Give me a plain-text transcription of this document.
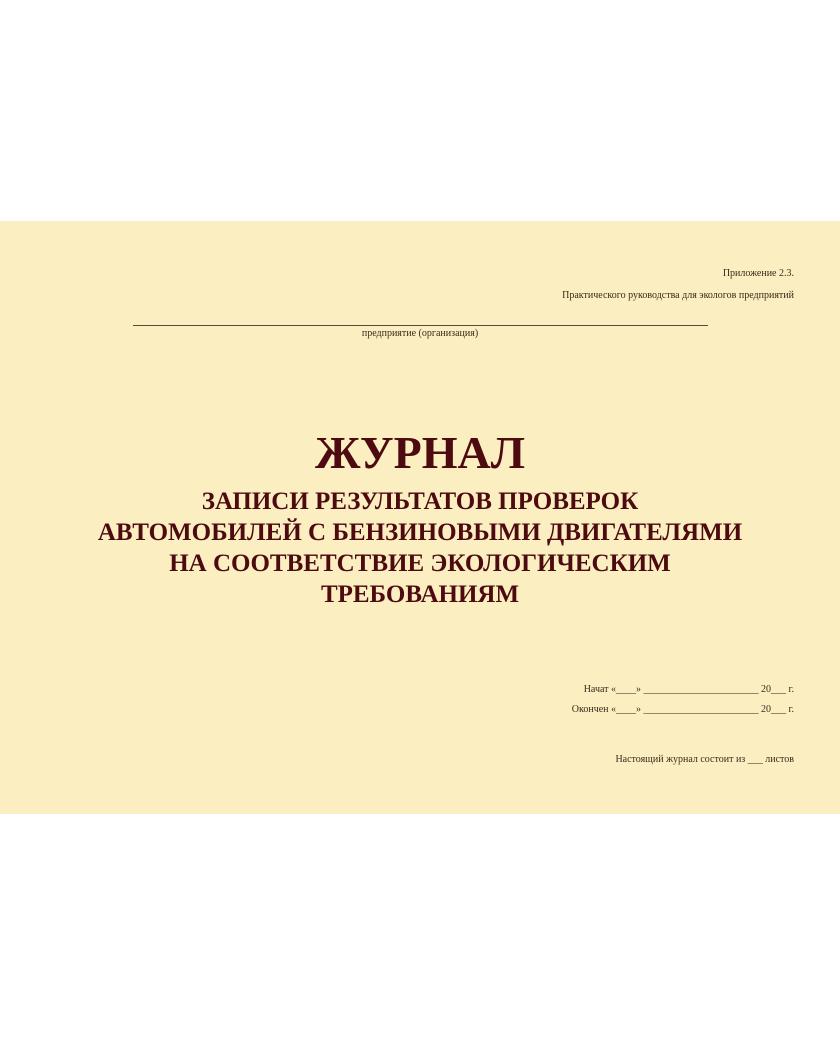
Приложение 2.3.
Практического руководства для экологов предприятий
предприятие (организация)
ЖУРНАЛ
ЗАПИСИ РЕЗУЛЬТАТОВ ПРОВЕРОК
АВТОМОБИЛЕЙ С БЕНЗИНОВЫМИ ДВИГАТЕЛЯМИ
НА СООТВЕТСТВИЕ ЭКОЛОГИЧЕСКИМ
ТРЕБОВАНИЯМ
Начат «____» _______________________ 20___ г.
Окончен «____» _______________________ 20___ г.
Настоящий журнал состоит из ___ листов
